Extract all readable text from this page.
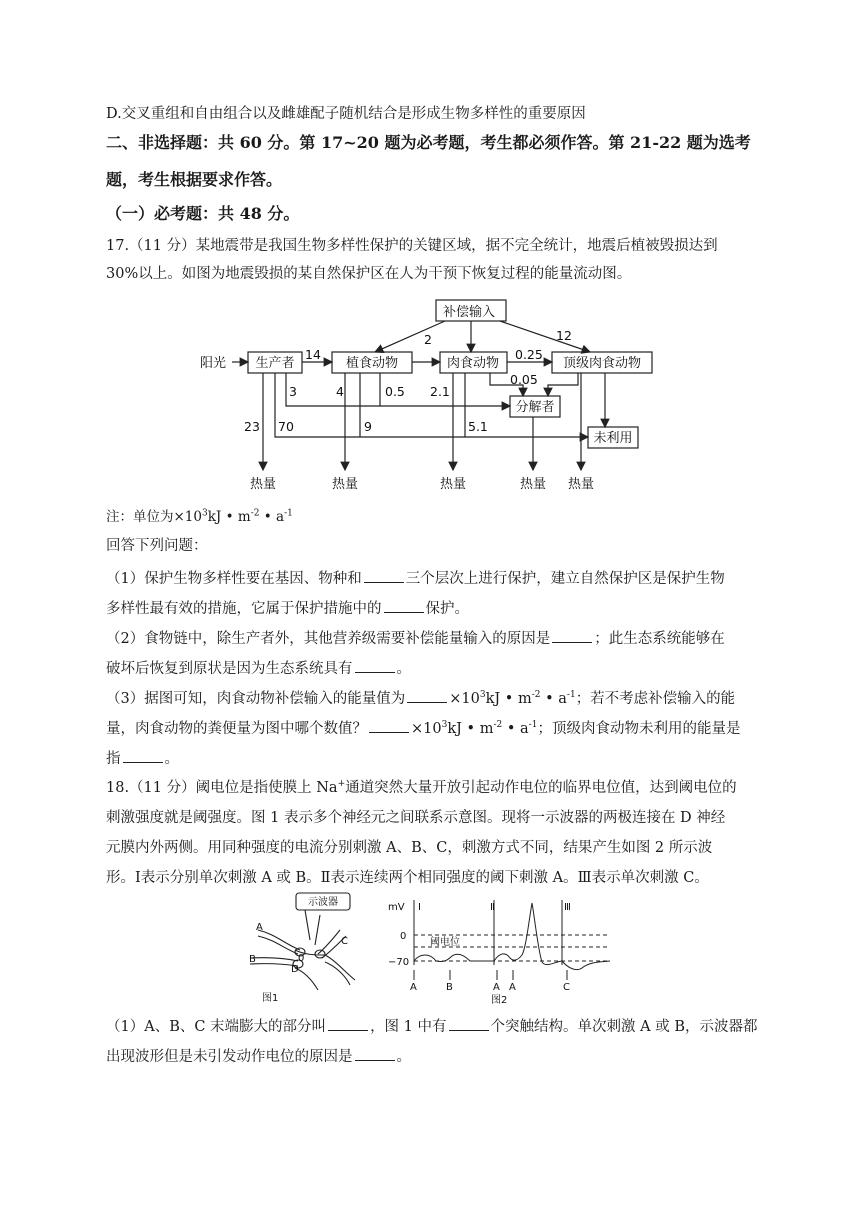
D.交叉重组和自由组合以及雌雄配子随机结合是形成生物多样性的重要原因
二、非选择题：共 60 分。第 17~20 题为必考题，考生都必须作答。第 21-22 题为选考
题，考生根据要求作答。
（一）必考题：共 48 分。
17.（11 分）某地震带是我国生物多样性保护的关键区域，据不完全统计，地震后植被毁损达到
30%以上。如图为地震毁损的某自然保护区在人为干预下恢复过程的能量流动图。
补偿输入
阳光 生产者	植食动物	肉食动物	顶级肉食动物
分解者
未利用
热量	热量	热量	热量 热量
14
2	12
0.25
0.05
3	4	0.5 2.1
23 70	9	5.1
注：单位为$\times 10^3kJ$ • $m^{-2}$ • $a^{-1}$
回答下列问题：
（1）保护生物多样性要在基因、物种和	三个层次上进行保护，建立自然保护区是保护生物
多样性最有效的措施，它属于保护措施中的	保护。
（2）食物链中，除生产者外，其他营养级需要补偿能量输入的原因是	；此生态系统能够在
破坏后恢复到原状是因为生态系统具有	。
（3）据图可知，肉食动物补偿输入的能量值为	$\times 10^3kJ$ • $m^{-2}$ • $a^{-1}$；若不考虑补偿输入的能
量，肉食动物的粪便量为图中哪个数值？	$\times 10^3kJ$ • $m^{-2}$ • $a^{-1}$；顶级肉食动物未利用的能量是
指	。
18.（11 分）阈电位是指使膜上 Na+通道突然大量开放引起动作电位的临界电位值，达到阈电位的
刺激强度就是阈强度。图 1 表示多个神经元之间联系示意图。现将一示波器的两极连接在 D 神经
元膜内外两侧。用同种强度的电流分别刺激 A、B、C，刺激方式不同，结果产生如图 2 所示波
形。Ⅰ表示分别单次刺激 A 或 B。Ⅱ表示连续两个相同强度的阈下刺激 A。Ⅲ表示单次刺激 C。
示波器
A
B
C
D
0
图1
mV
0
−70
阈电位
Ⅰ	Ⅱ	Ⅲ
A	B	A A	C
图2
（1）A、B、C 末端膨大的部分叫	，图 1 中有	个突触结构。单次刺激 A 或 B，示波器都
出现波形但是未引发动作电位的原因是	。
